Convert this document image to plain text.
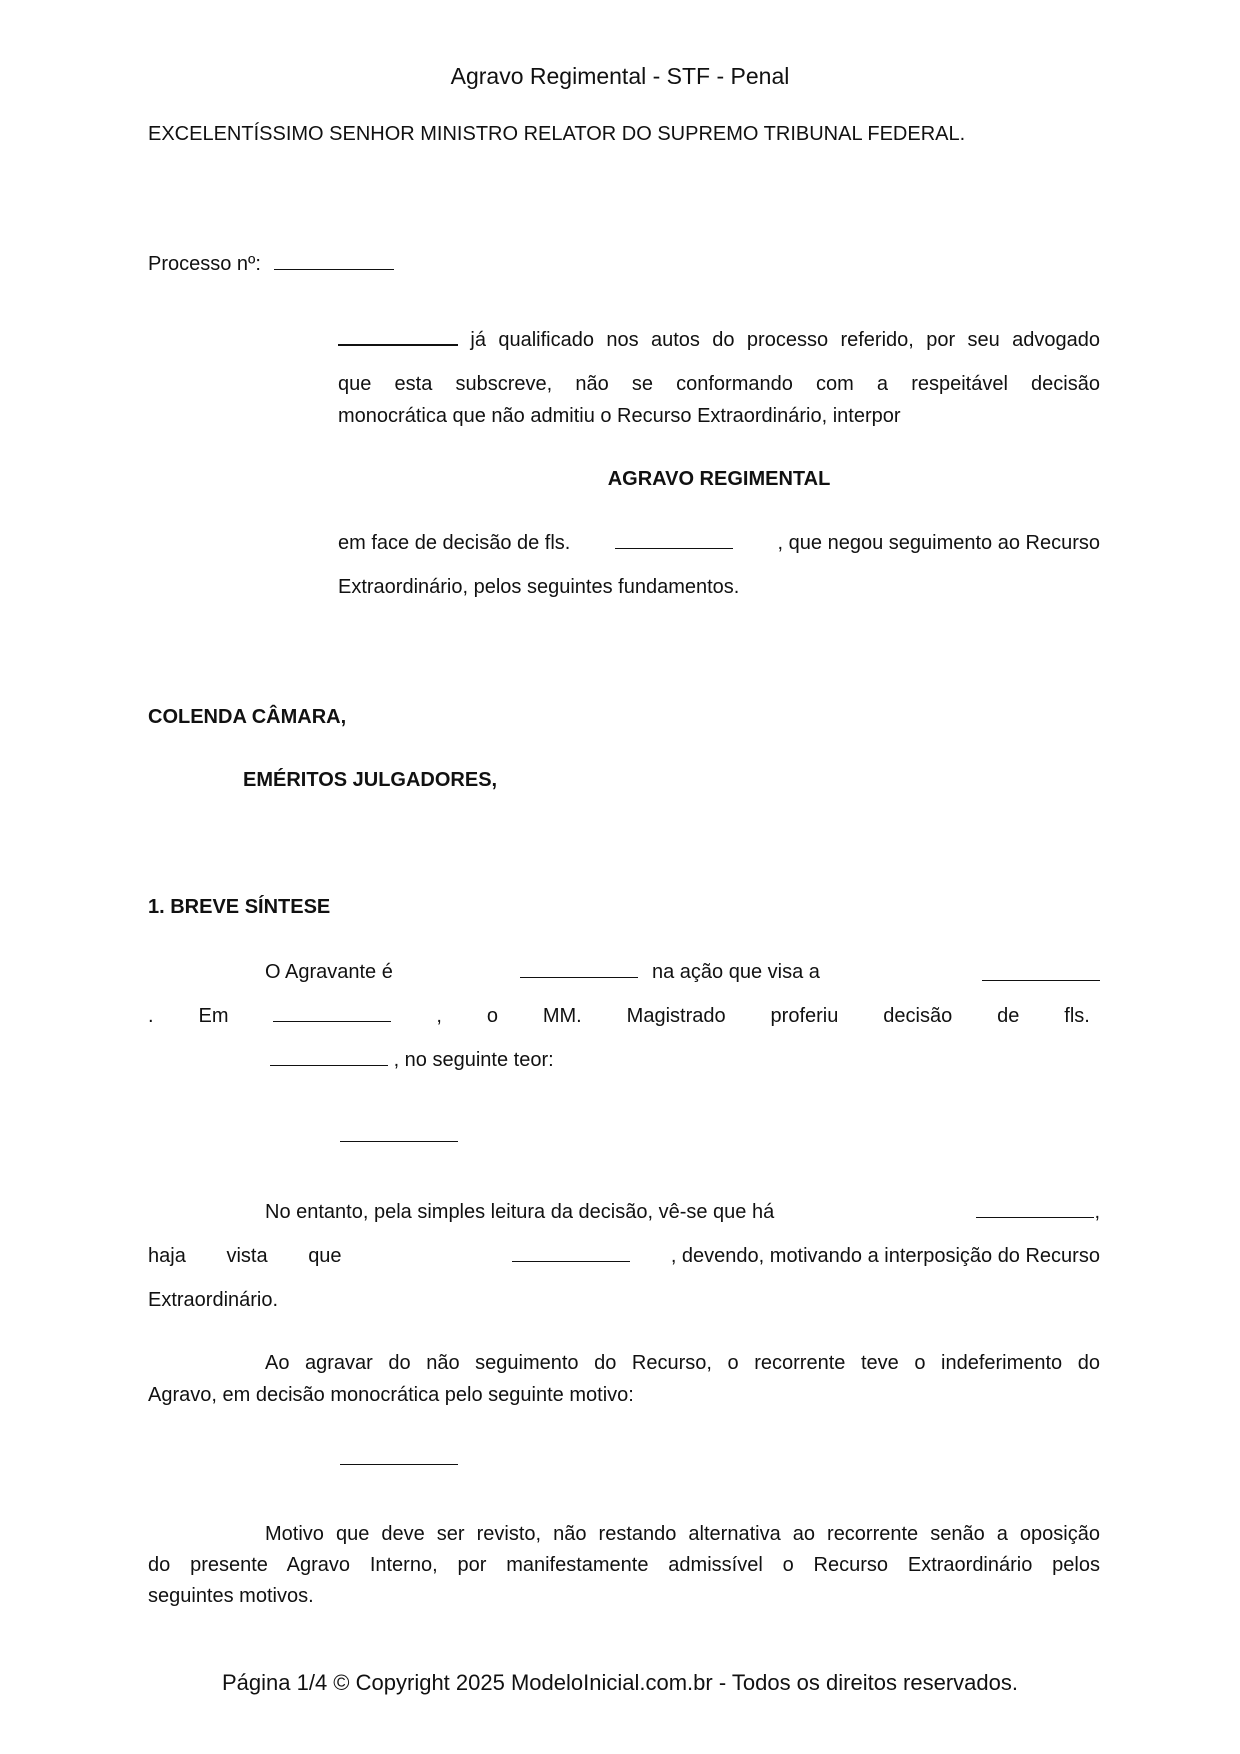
Agravo Regimental - STF - Penal
EXCELENTÍSSIMO SENHOR MINISTRO RELATOR DO SUPREMO TRIBUNAL FEDERAL.
Processo nº:
já qualificado nos autos do processo referido, por seu advogado
que esta subscreve, não se conformando com a respeitável decisão
monocrática que não admitiu o Recurso Extraordinário, interpor
AGRAVO REGIMENTAL
em face de decisão de fls.	, que negou seguimento ao Recurso
Extraordinário, pelos seguintes fundamentos.
COLENDA CÂMARA,
EMÉRITOS JULGADORES,
1. BREVE SÍNTESE
O Agravante é	na ação que visa a
. Em	, o MM. Magistrado proferiu decisão de fls.
, no seguinte teor:
No entanto, pela simples leitura da decisão, vê-se que há	,
haja vista que	, devendo, motivando a interposição do Recurso
Extraordinário.
Ao agravar do não seguimento do Recurso, o recorrente teve o indeferimento do
Agravo, em decisão monocrática pelo seguinte motivo:
Motivo que deve ser revisto, não restando alternativa ao recorrente senão a oposição
do presente Agravo Interno, por manifestamente admissível o Recurso Extraordinário pelos
seguintes motivos.
Página 1/4 © Copyright 2025 ModeloInicial.com.br - Todos os direitos reservados.
